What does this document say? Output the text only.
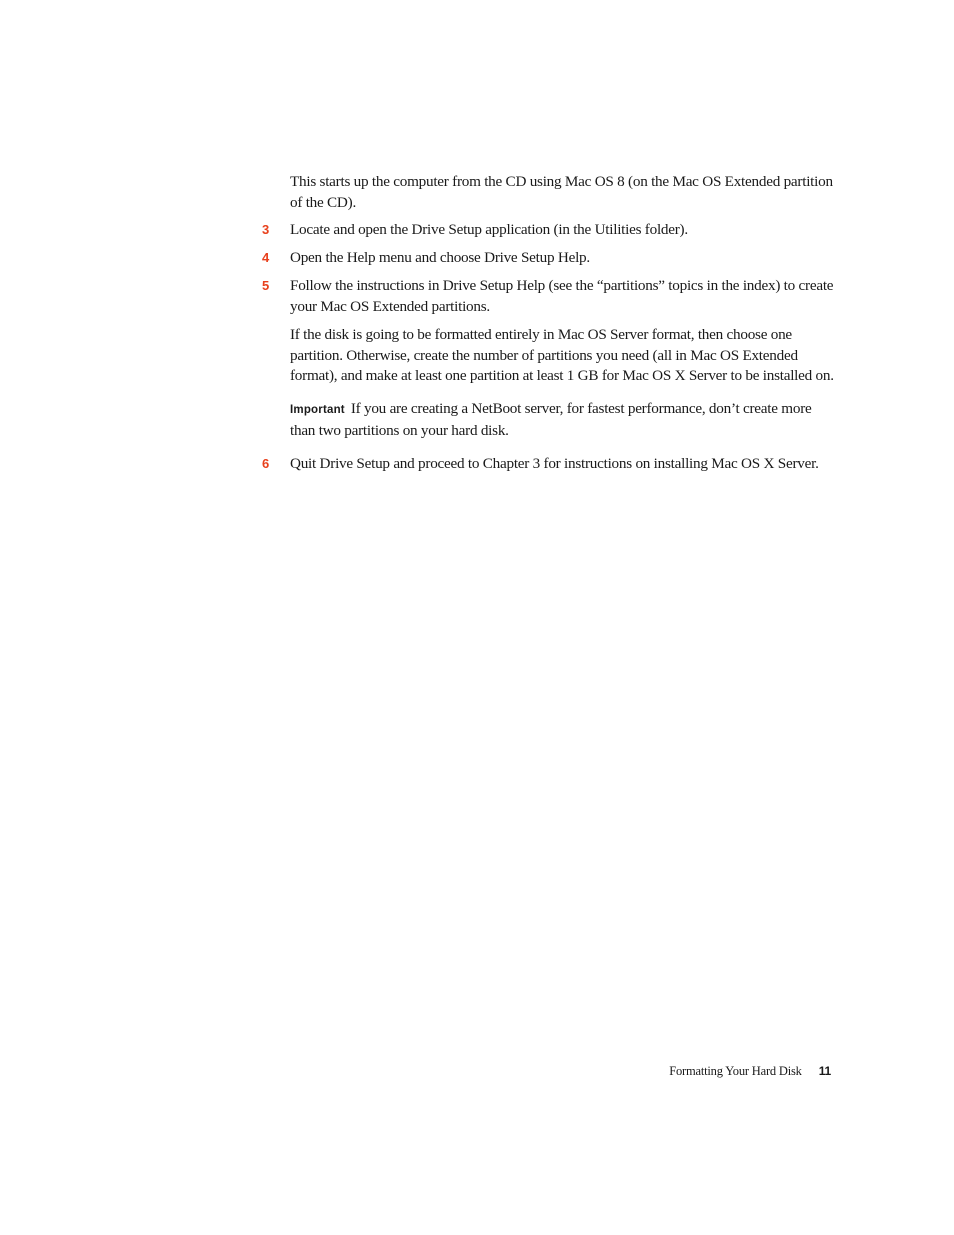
This starts up the computer from the CD using Mac OS 8 (on the Mac OS Extended partition of the CD).

3 Locate and open the Drive Setup application (in the Utilities folder).

4 Open the Help menu and choose Drive Setup Help.

5 Follow the instructions in Drive Setup Help (see the “partitions” topics in the index) to create your Mac OS Extended partitions.

If the disk is going to be formatted entirely in Mac OS Server format, then choose one partition. Otherwise, create the number of partitions you need (all in Mac OS Extended format), and make at least one partition at least 1 GB for Mac OS X Server to be installed on.

Important If you are creating a NetBoot server, for fastest performance, don’t create more than two partitions on your hard disk.

6 Quit Drive Setup and proceed to Chapter 3 for instructions on installing Mac OS X Server.

Formatting Your Hard Disk 11
